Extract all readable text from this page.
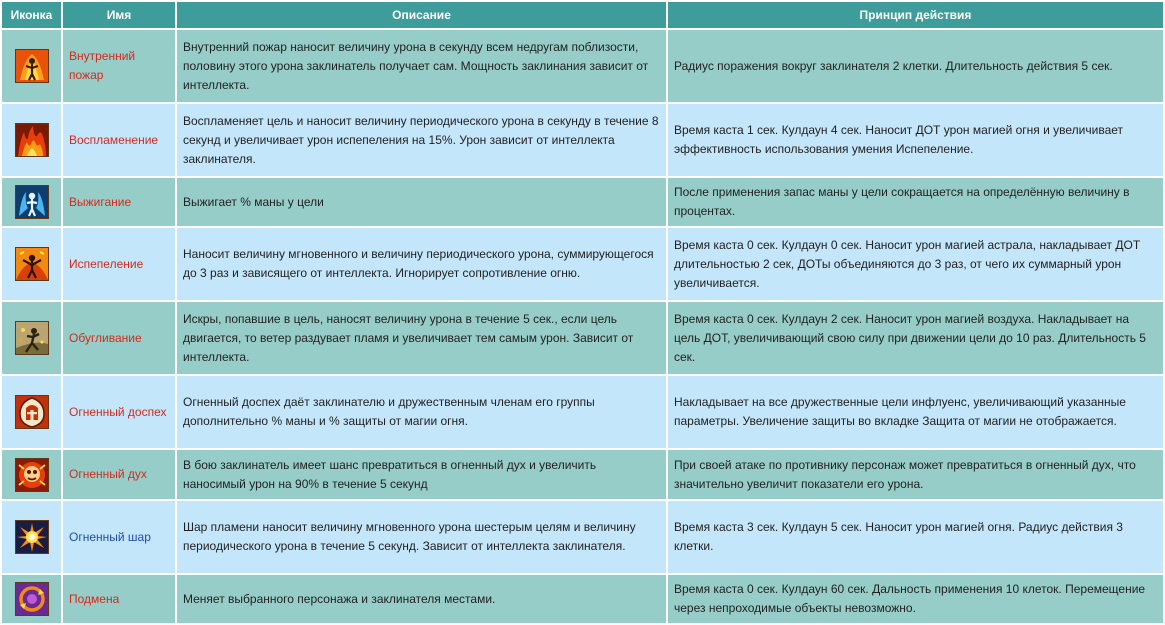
Иконка	Имя	Описание	Принцип действия

	Внутренний пожар	Внутренний пожар наносит величину урона в секунду всем недругам поблизости, половину этого урона заклинатель получает сам. Мощность заклинания зависит от интеллекта.	Радиус поражения вокруг заклинателя 2 клетки. Длительность действия 5 сек.

	Воспламенение	Воспламеняет цель и наносит величину периодического урона в секунду в течение 8 секунд и увеличивает урон испепеления на 15%. Урон зависит от интеллекта заклинателя.	Время каста 1 сек. Кулдаун 4 сек. Наносит ДОТ урон магией огня и увеличивает эффективность использования умения Испепеление.

	Выжигание	Выжигает % маны у цели	После применения запас маны у цели сокращается на определённую величину в процентах.

	Испепеление	Наносит величину мгновенного и величину периодического урона, суммирующегося до 3 раз и зависящего от интеллекта. Игнорирует сопротивление огню.	Время каста 0 сек. Кулдаун 0 сек. Наносит урон магией астрала, накладывает ДОТ длительностью 2 сек, ДОТы объединяются до 3 раз, от чего их суммарный урон увеличивается.

	Обугливание	Искры, попавшие в цель, наносят величину урона в течение 5 сек., если цель двигается, то ветер раздувает пламя и увеличивает тем самым урон. Зависит от интеллекта.	Время каста 0 сек. Кулдаун 2 сек. Наносит урон магией воздуха. Накладывает на цель ДОТ, увеличивающий свою силу при движении цели до 10 раз. Длительность 5 сек.

	Огненный доспех	Огненный доспех даёт заклинателю и дружественным членам его группы дополнительно % маны и % защиты от магии огня.	Накладывает на все дружественные цели инфлуенс, увеличивающий указанные параметры. Увеличение защиты во вкладке Защита от магии не отображается.

	Огненный дух	В бою заклинатель имеет шанс превратиться в огненный дух и увеличить наносимый урон на 90% в течение 5 секунд	При своей атаке по противнику персонаж может превратиться в огненный дух, что значительно увеличит показатели его урона.

	Огненный шар	Шар пламени наносит величину мгновенного урона шестерым целям и величину периодического урона в течение 5 секунд. Зависит от интеллекта заклинателя.	Время каста 3 сек. Кулдаун 5 сек. Наносит урон магией огня. Радиус действия 3 клетки.

	Подмена	Меняет выбранного персонажа и заклинателя местами.	Время каста 0 сек. Кулдаун 60 сек. Дальность применения 10 клеток. Перемещение через непроходимые объекты невозможно.
